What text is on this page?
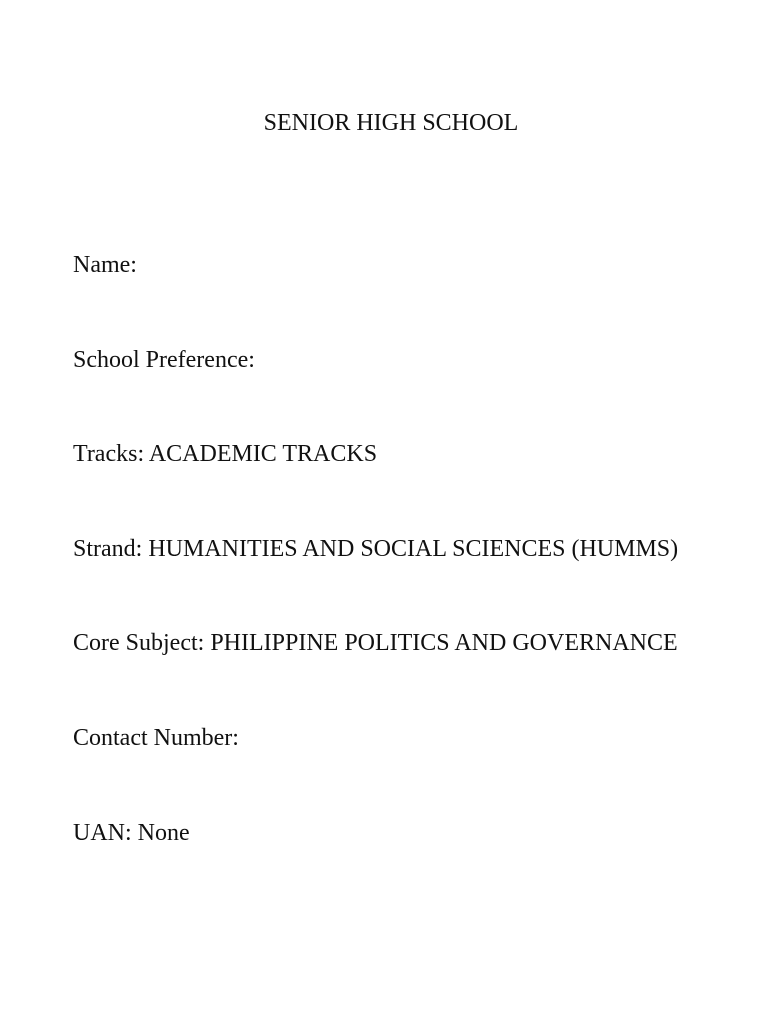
SENIOR HIGH SCHOOL
Name:
School Preference:
Tracks: ACADEMIC TRACKS
Strand: HUMANITIES AND SOCIAL SCIENCES (HUMMS)
Core Subject: PHILIPPINE POLITICS AND GOVERNANCE
Contact Number:
UAN: None
